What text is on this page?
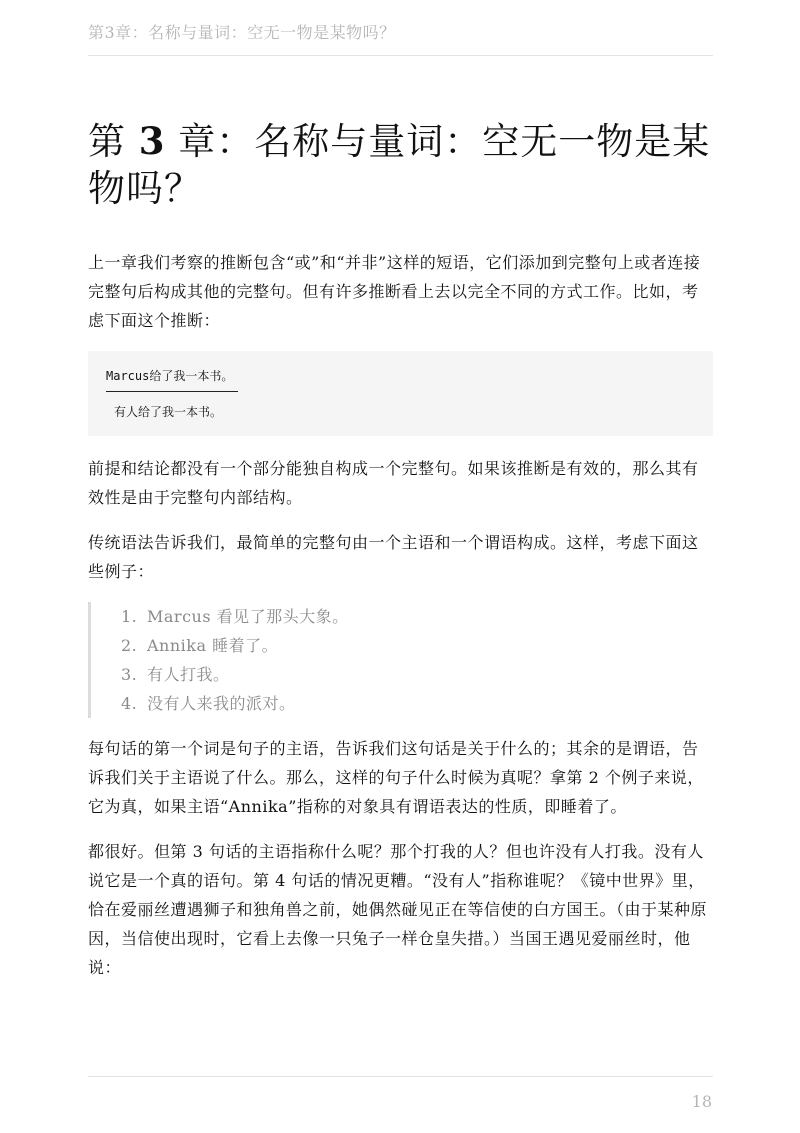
第3章：名称与量词：空无一物是某物吗？
第 3 章：名称与量词：空无一物是某物吗？

上一章我们考察的推断包含“或”和“并非”这样的短语，它们添加到完整句上或者连接完整句后构成其他的完整句。但有许多推断看上去以完全不同的方式工作。比如，考虑下面这个推断：

Marcus给了我一本书。
有人给了我一本书。

前提和结论都没有一个部分能独自构成一个完整句。如果该推断是有效的，那么其有效性是由于完整句内部结构。

传统语法告诉我们，最简单的完整句由一个主语和一个谓语构成。这样，考虑下面这些例子：

1. Marcus 看见了那头大象。
2. Annika 睡着了。
3. 有人打我。
4. 没有人来我的派对。

每句话的第一个词是句子的主语，告诉我们这句话是关于什么的；其余的是谓语，告诉我们关于主语说了什么。那么，这样的句子什么时候为真呢？拿第 2 个例子来说，它为真，如果主语“Annika”指称的对象具有谓语表达的性质，即睡着了。

都很好。但第 3 句话的主语指称什么呢？那个打我的人？但也许没有人打我。没有人说它是一个真的语句。第 4 句话的情况更糟。“没有人”指称谁呢？《镜中世界》里，恰在爱丽丝遭遇狮子和独角兽之前，她偶然碰见正在等信使的白方国王。（由于某种原因，当信使出现时，它看上去像一只兔子一样仓皇失措。）当国王遇见爱丽丝时，他说：

18
